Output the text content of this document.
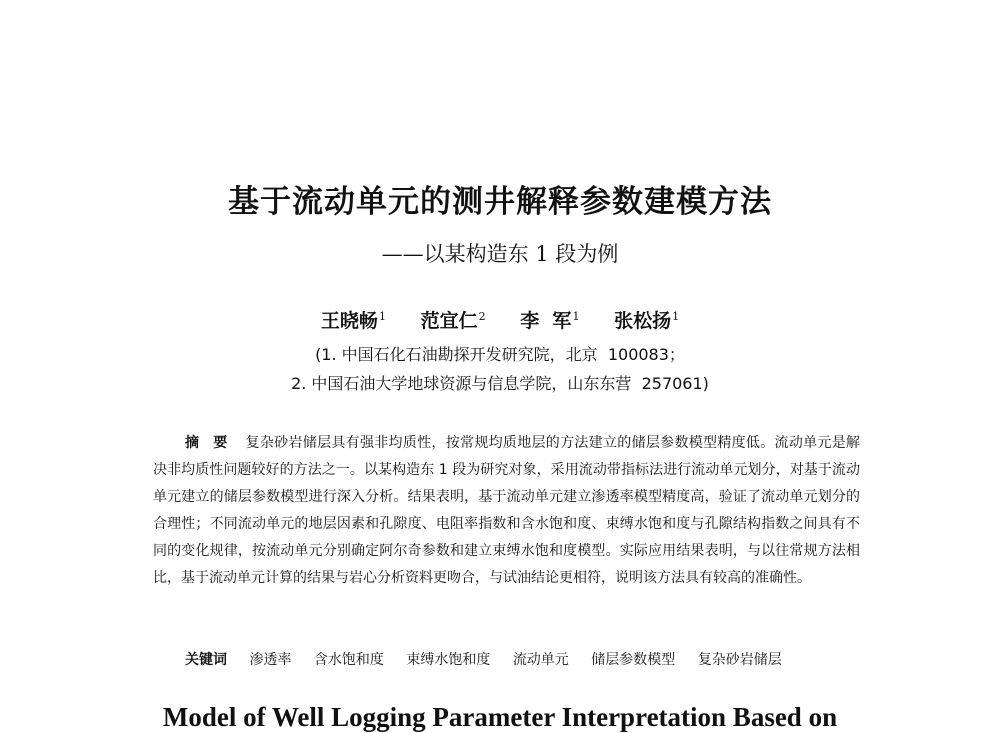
基于流动单元的测井解释参数建模方法
——以某构造东 1 段为例
王晓畅$^1$ 范宜仁$^2$ 李  军$^1$ 张松扬$^1$
(1. 中国石化石油勘探开发研究院，北京  100083；
2. 中国石油大学地球资源与信息学院，山东东营  257061)
摘要 复杂砂岩储层具有强非均质性，按常规均质地层的方法建立的储层参数模型精度低。流动单元是解决非均质性问题较好的方法之一。以某构造东 1 段为研究对象，采用流动带指标法进行流动单元划分，对基于流动单元建立的储层参数模型进行深入分析。结果表明，基于流动单元建立渗透率模型精度高，验证了流动单元划分的合理性；不同流动单元的地层因素和孔隙度、电阻率指数和含水饱和度、束缚水饱和度与孔隙结构指数之间具有不同的变化规律，按流动单元分别确定阿尔奇参数和建立束缚水饱和度模型。实际应用结果表明，与以往常规方法相比，基于流动单元计算的结果与岩心分析资料更吻合，与试油结论更相符，说明该方法具有较高的准确性。
关键词 渗透率 含水饱和度 束缚水饱和度 流动单元 储层参数模型 复杂砂岩储层
Model of Well Logging Parameter Interpretation Based on
